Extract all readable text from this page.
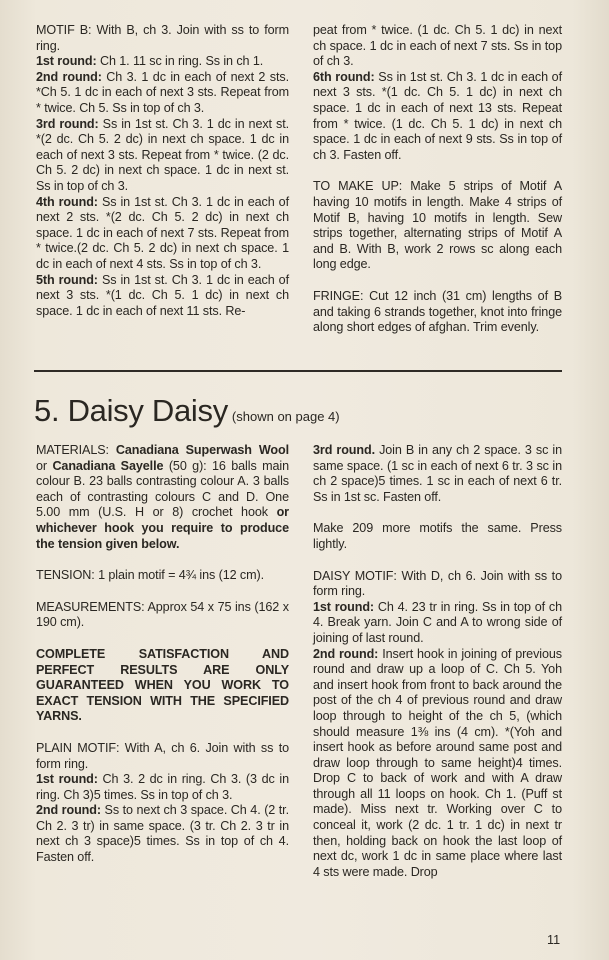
MOTIF B: With B, ch 3. Join with ss to form ring.
1st round: Ch 1. 11 sc in ring. Ss in ch 1.
2nd round: Ch 3. 1 dc in each of next 2 sts. *Ch 5. 1 dc in each of next 3 sts. Repeat from * twice. Ch 5. Ss in top of ch 3.
3rd round: Ss in 1st st. Ch 3. 1 dc in next st. *(2 dc. Ch 5. 2 dc) in next ch space. 1 dc in each of next 3 sts. Repeat from * twice. (2 dc. Ch 5. 2 dc) in next ch space. 1 dc in next st. Ss in top of ch 3.
4th round: Ss in 1st st. Ch 3. 1 dc in each of next 2 sts. *(2 dc. Ch 5. 2 dc) in next ch space. 1 dc in each of next 7 sts. Repeat from * twice.(2 dc. Ch 5. 2 dc) in next ch space. 1 dc in each of next 4 sts. Ss in top of ch 3.
5th round: Ss in 1st st. Ch 3. 1 dc in each of next 3 sts. *(1 dc. Ch 5. 1 dc) in next ch space. 1 dc in each of next 11 sts. Re-

peat from * twice. (1 dc. Ch 5. 1 dc) in next ch space. 1 dc in each of next 7 sts. Ss in top of ch 3.
6th round: Ss in 1st st. Ch 3. 1 dc in each of next 3 sts. *(1 dc. Ch 5. 1 dc) in next ch space. 1 dc in each of next 13 sts. Repeat from * twice. (1 dc. Ch 5. 1 dc) in next ch space. 1 dc in each of next 9 sts. Ss in top of ch 3. Fasten off.

TO MAKE UP: Make 5 strips of Motif A having 10 motifs in length. Make 4 strips of Motif B, having 10 motifs in length. Sew strips together, alternating strips of Motif A and B. With B, work 2 rows sc along each long edge.

FRINGE: Cut 12 inch (31 cm) lengths of B and taking 6 strands together, knot into fringe along short edges of afghan. Trim evenly.

5. Daisy Daisy (shown on page 4)

MATERIALS: Canadiana Superwash Wool or Canadiana Sayelle (50 g): 16 balls main colour B. 23 balls contrasting colour A. 3 balls each of contrasting colours C and D. One 5.00 mm (U.S. H or 8) crochet hook or whichever hook you require to produce the tension given below.

TENSION: 1 plain motif = 4¾ ins (12 cm).

MEASUREMENTS: Approx 54 x 75 ins (162 x 190 cm).

COMPLETE SATISFACTION AND PERFECT RESULTS ARE ONLY GUARANTEED WHEN YOU WORK TO EXACT TENSION WITH THE SPECIFIED YARNS.

PLAIN MOTIF: With A, ch 6. Join with ss to form ring.
1st round: Ch 3. 2 dc in ring. Ch 3. (3 dc in ring. Ch 3)5 times. Ss in top of ch 3.
2nd round: Ss to next ch 3 space. Ch 4. (2 tr. Ch 2. 3 tr) in same space. (3 tr. Ch 2. 3 tr in next ch 3 space)5 times. Ss in top of ch 4. Fasten off.

3rd round. Join B in any ch 2 space. 3 sc in same space. (1 sc in each of next 6 tr. 3 sc in ch 2 space)5 times. 1 sc in each of next 6 tr. Ss in 1st sc. Fasten off.

Make 209 more motifs the same. Press lightly.

DAISY MOTIF: With D, ch 6. Join with ss to form ring.
1st round: Ch 4. 23 tr in ring. Ss in top of ch 4. Break yarn. Join C and A to wrong side of joining of last round.
2nd round: Insert hook in joining of previous round and draw up a loop of C. Ch 5. Yoh and insert hook from front to back around the post of the ch 4 of previous round and draw loop through to height of the ch 5, (which should measure 1⅜ ins (4 cm). *(Yoh and insert hook as before around same post and draw loop through to same height)4 times. Drop C to back of work and with A draw through all 11 loops on hook. Ch 1. (Puff st made). Miss next tr. Working over C to conceal it, work (2 dc. 1 tr. 1 dc) in next tr then, holding back on hook the last loop of next dc, work 1 dc in same place where last 4 sts were made. Drop

11
